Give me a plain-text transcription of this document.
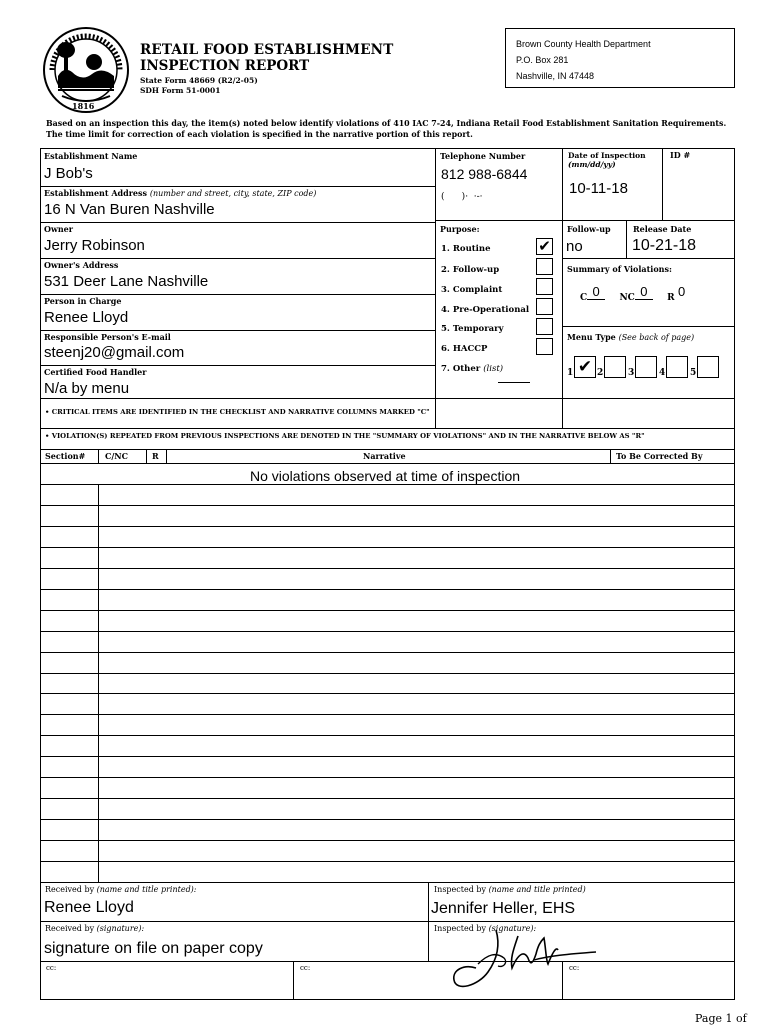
1816
RETAIL FOOD ESTABLISHMENT
INSPECTION REPORT
State Form 48669 (R2/2-05)
SDH Form 51-0001
Brown County Health Department
P.O. Box 281
Nashville, IN 47448
Based on an inspection this day, the item(s) noted below identify violations of 410 IAC 7-24, Indiana Retail Food Establishment Sanitation Requirements.
The time limit for correction of each violation is specified in the narrative portion of this report.
Establishment Name
J Bob's
Establishment Address (number and street, city, state, ZIP code)
16 N Van Buren Nashville
Owner
Jerry Robinson
Owner's Address
531 Deer Lane Nashville
Person in Charge
Renee Lloyd
Responsible Person's E-mail
steenj20@gmail.com
Certified Food Handler
N/a by menu
Telephone Number
812 988-6844
(      )·  ·-·
Date of Inspection
(mm/dd/yy)
10-11-18
ID #
Purpose:
1. Routine	✔
2. Follow-up
3. Complaint
4. Pre-Operational
5. Temporary
6. HACCP
7. Other (list)
Follow-up
no
Release Date
10-21-18
Summary of Violations:
C 0 NC 0 R 0
Menu Type (See back of page)
1 ✔ 2	3	4	5
• CRITICAL ITEMS ARE IDENTIFIED IN THE CHECKLIST AND NARRATIVE COLUMNS MARKED "C"
• VIOLATION(S) REPEATED FROM PREVIOUS INSPECTIONS ARE DENOTED IN THE "SUMMARY OF VIOLATIONS" AND IN THE NARRATIVE BELOW AS "R"
Section# C/NC	R	Narrative	To Be Corrected By
No violations observed at time of inspection
Received by (name and title printed):
Renee Lloyd
Inspected by (name and title printed)
Jennifer Heller, EHS
Received by (signature):
signature on file on paper copy
Inspected by (signature):
cc:	cc:	cc:
Page 1 of
